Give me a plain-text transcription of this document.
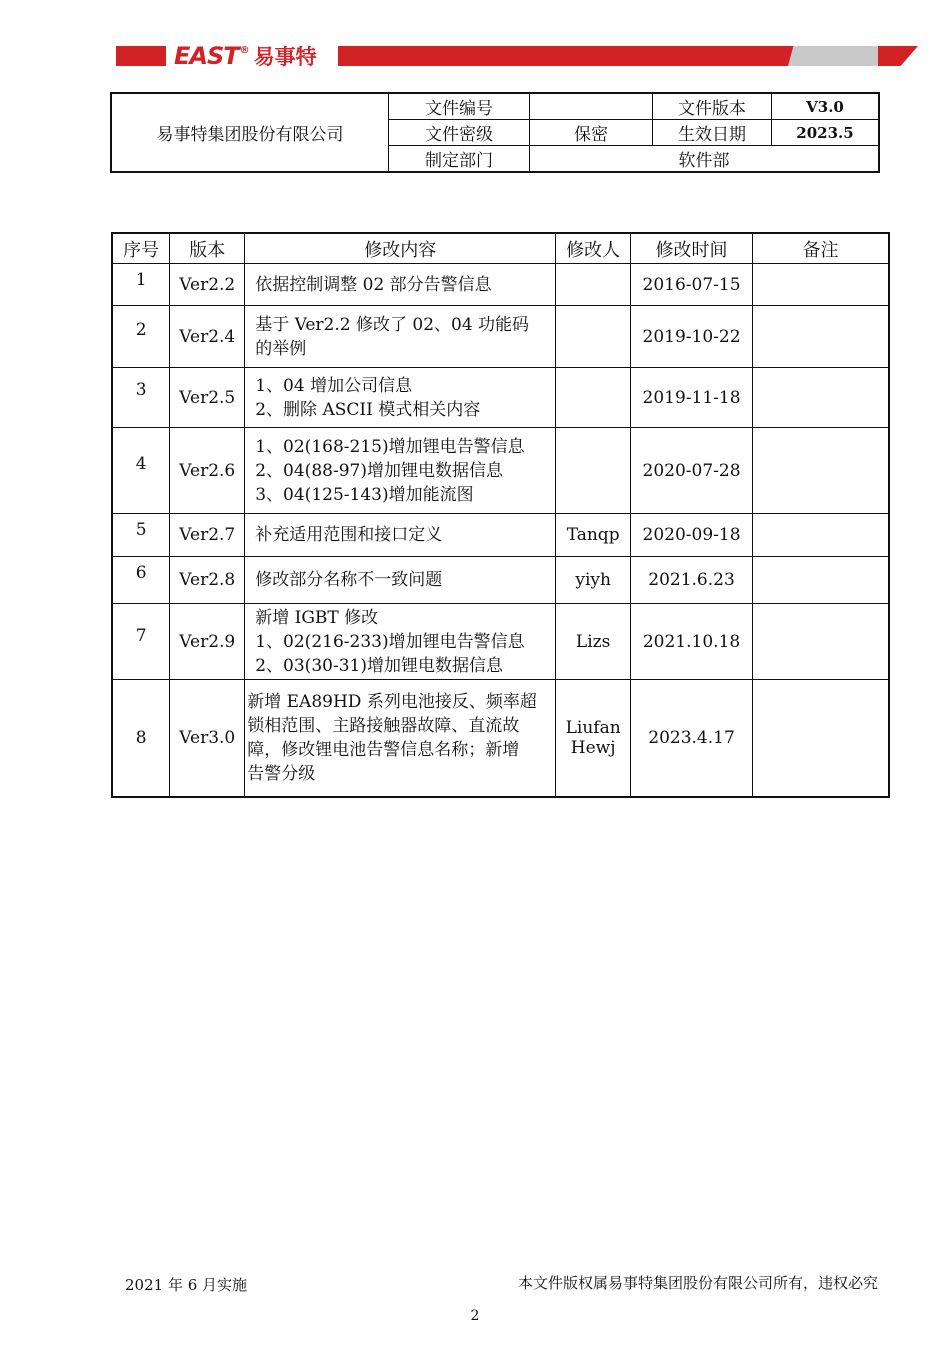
EAST ® 易事特
易事特集团股份有限公司	文件编号		文件版本	V3.0
	文件密级	保密	生效日期	2023.5
	制定部门	软件部		
序号	版本	修改内容	修改人	修改时间	备注
1	Ver2.2	依据控制调整 02 部分告警信息		2016-07-15	
2	Ver2.4	基于 Ver2.2 修改了 02、04 功能码
的举例		2019-10-22	
3	Ver2.5	1、04 增加公司信息
2、删除 ASCII 模式相关内容		2019-11-18	
4	Ver2.6	1、02(168-215)增加锂电告警信息
2、04(88-97)增加锂电数据信息
3、04(125-143)增加能流图		2020-07-28	
5	Ver2.7	补充适用范围和接口定义	Tanqp	2020-09-18	
6	Ver2.8	修改部分名称不一致问题	yiyh	2021.6.23	
7	Ver2.9	新增 IGBT 修改
1、02(216-233)增加锂电告警信息
2、03(30-31)增加锂电数据信息	Lizs	2021.10.18	
8	Ver3.0	新增 EA89HD 系列电池接反、频率超
锁相范围、主路接触器故障、直流故
障，修改锂电池告警信息名称；新增
告警分级	Liufan
Hewj	2023.4.17	
2021 年 6 月实施	本文件版权属易事特集团股份有限公司所有，违权必究
2
